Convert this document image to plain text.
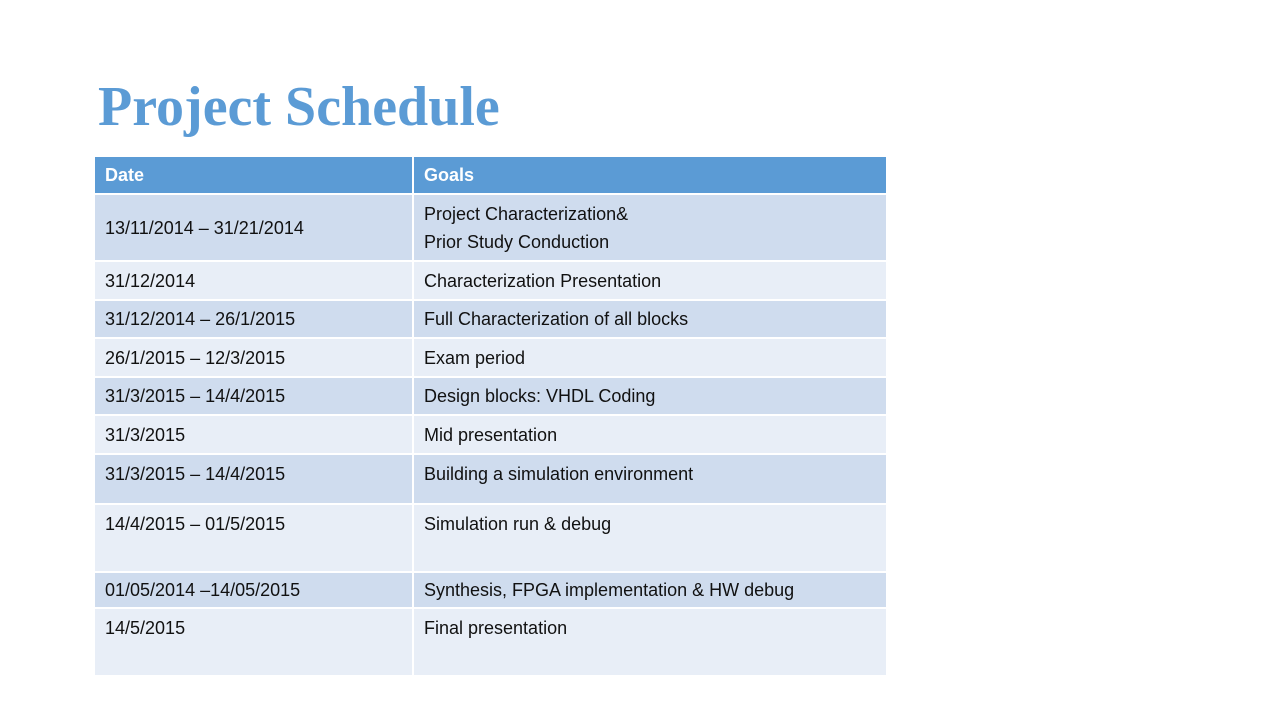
Project Schedule
Date	Goals
13/11/2014 – 31/21/2014	Project Characterization&
Prior Study Conduction

31/12/2014	Characterization Presentation
31/12/2014 – 26/1/2015	Full Characterization of all blocks
26/1/2015 – 12/3/2015	Exam period
31/3/2015 – 14/4/2015	Design blocks: VHDL Coding
31/3/2015	Mid presentation
31/3/2015 – 14/4/2015	Building a simulation environment
14/4/2015 – 01/5/2015	Simulation run & debug
01/05/2014 –14/05/2015	Synthesis, FPGA implementation & HW debug
14/5/2015	Final presentation
